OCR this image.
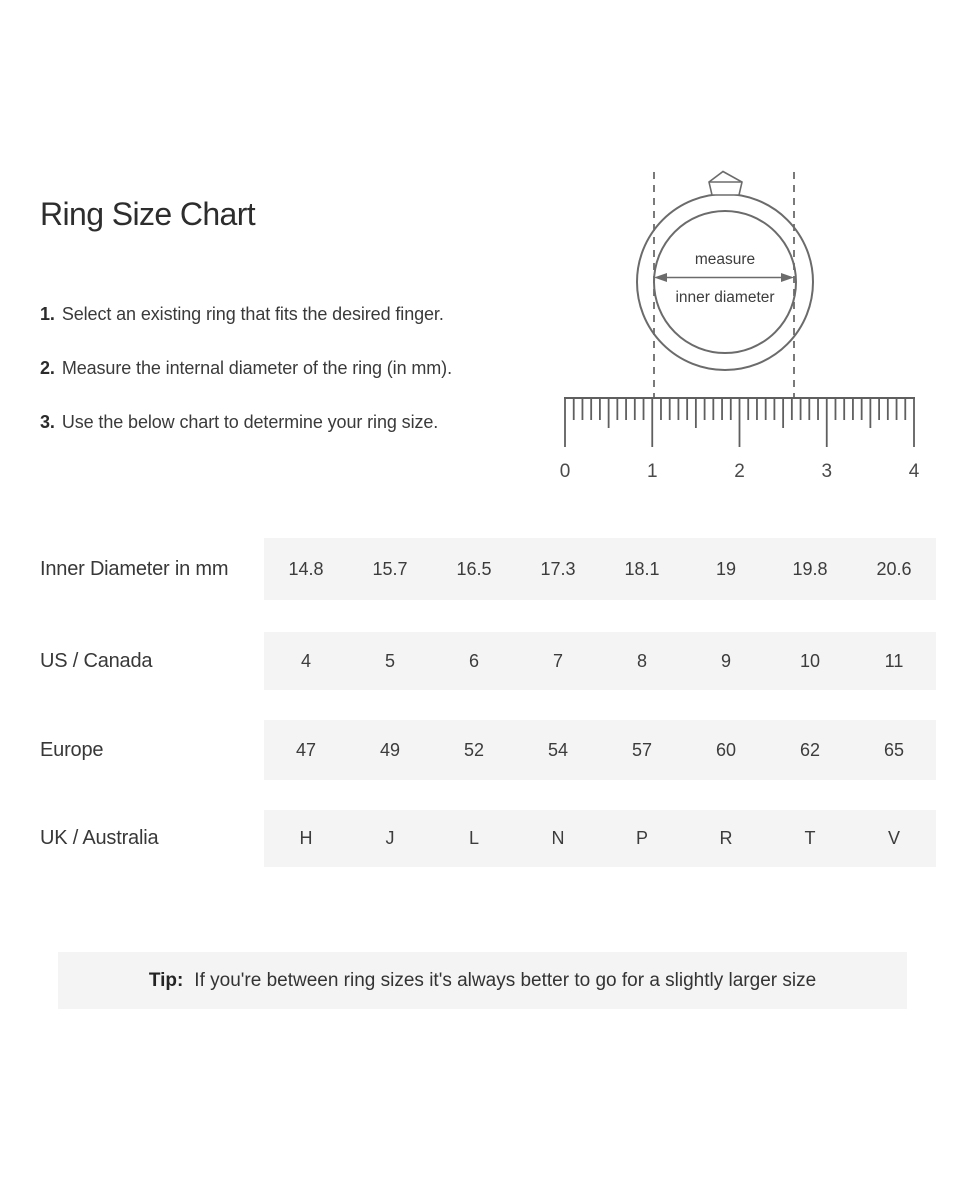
Ring Size Chart
1. Select an existing ring that fits the desired finger.
2. Measure the internal diameter of the ring (in mm).
3. Use the below chart to determine your ring size.
measure
inner diameter
0	1	2	3	4
Inner Diameter in mm	14.8	15.7	16.5	17.3	18.1	19	19.8	20.6
US / Canada	4	5	6	7	8	9	10	11
Europe	47	49	52	54	57	60	62	65
UK / Australia	H	J	L	N	P	R	T	V
Tip: If you're between ring sizes it's always better to go for a slightly larger size
